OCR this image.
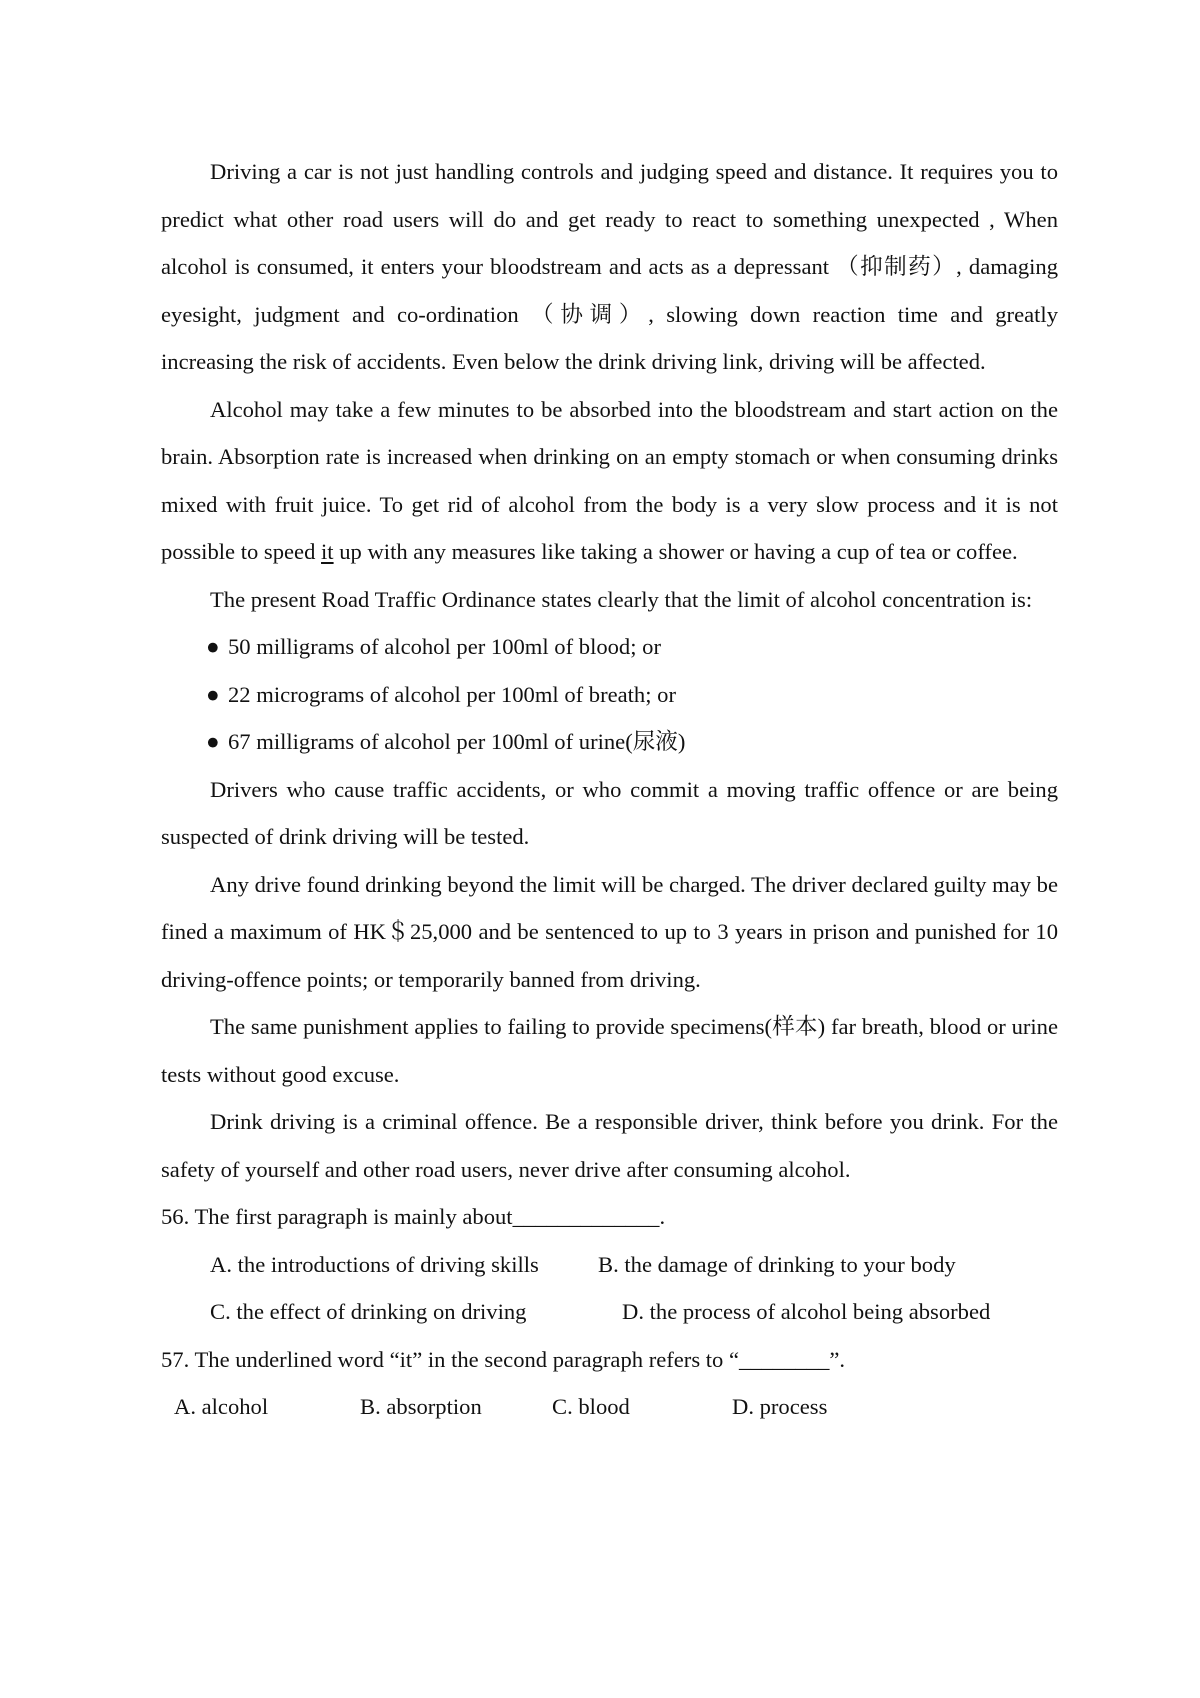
Driving a car is not just handling controls and judging speed and distance. It requires you to predict what other road users will do and get ready to react to something unexpected , When alcohol is consumed, it enters your bloodstream and acts as a depressant （抑制药）, damaging eyesight, judgment and co-ordination （协调）, slowing down reaction time and greatly increasing the risk of accidents. Even below the drink driving link, driving will be affected.

Alcohol may take a few minutes to be absorbed into the bloodstream and start action on the brain. Absorption rate is increased when drinking on an empty stomach or when consuming drinks mixed with fruit juice. To get rid of alcohol from the body is a very slow process and it is not possible to speed it up with any measures like taking a shower or having a cup of tea or coffee.

The present Road Traffic Ordinance states clearly that the limit of alcohol concentration is:

● 50 milligrams of alcohol per 100ml of blood; or
● 22 micrograms of alcohol per 100ml of breath; or
● 67 milligrams of alcohol per 100ml of urine(尿液)

Drivers who cause traffic accidents, or who commit a moving traffic offence or are being suspected of drink driving will be tested.

Any drive found drinking beyond the limit will be charged. The driver declared guilty may be fined a maximum of HK＄25,000 and be sentenced to up to 3 years in prison and punished for 10 driving-offence points; or temporarily banned from driving.

The same punishment applies to failing to provide specimens(样本) far breath, blood or urine tests without good excuse.

Drink driving is a criminal offence. Be a responsible driver, think before you drink. For the safety of yourself and other road users, never drive after consuming alcohol.

56. The first paragraph is mainly about_____________.

A. the introductions of driving skills	B. the damage of drinking to your body
C. the effect of drinking on driving	D. the process of alcohol being absorbed

57. The underlined word “it” in the second paragraph refers to “________”.

A. alcohol	B. absorption	C. blood	D. process
